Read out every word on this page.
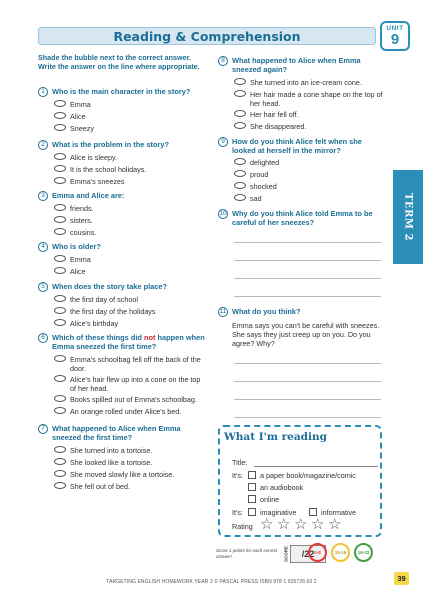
Reading & Comprehension
UNIT
9
TERM 2
Shade the bubble next to the correct answer. Write the answer on the line where appropriate.
1 Who is the main character in the story?
Emma
Alice
Sneezy
2 What is the problem in the story?
Alice is sleepy.
It is the school holidays.
Emma's sneezes
3 Emma and Alice are:
friends.
sisters.
cousins.
4 Who is older?
Emma
Alice
5 When does the story take place?
the first day of school
the first day of the holidays
Alice's birthday
6 Which of these things did not happen when Emma sneezed the first time?
Emma's schoolbag fell off the back of the door.
Alice's hair flew up into a cone on the top of her head.
Books spilled out of Emma's schoolbag.
An orange rolled under Alice's bed.
7 What happened to Alice when Emma sneezed the first time?
She turned into a tortoise.
She looked like a tortoise.
She moved slowly like a tortoise.
She fell out of bed.
8 What happened to Alice when Emma sneezed again?
She turned into an ice-cream cone.
Her hair made a cone shape on the top of her head.
Her hair fell off.
She disappeared.
9 How do you think Alice felt when she looked at herself in the mirror?
delighted
proud
shocked
sad
10 Why do you think Alice told Emma to be careful of her sneezes?
11 What do you think?
Emma says you can't be careful with sneezes. She says they just creep up on you. Do you agree? Why?
What I'm reading
Title:
It's: a paper book/magazine/comic
an audiobook
online
It's: imaginative	informative
Rating ☆ ☆ ☆ ☆ ☆
Score 1 points for each correct answer!	SCORE	/22 0-8	10-16	16-22
TARGETING ENGLISH HOMEWORK YEAR 3 © PASCAL PRESS ISBN 978 1 925726 60 2	39
